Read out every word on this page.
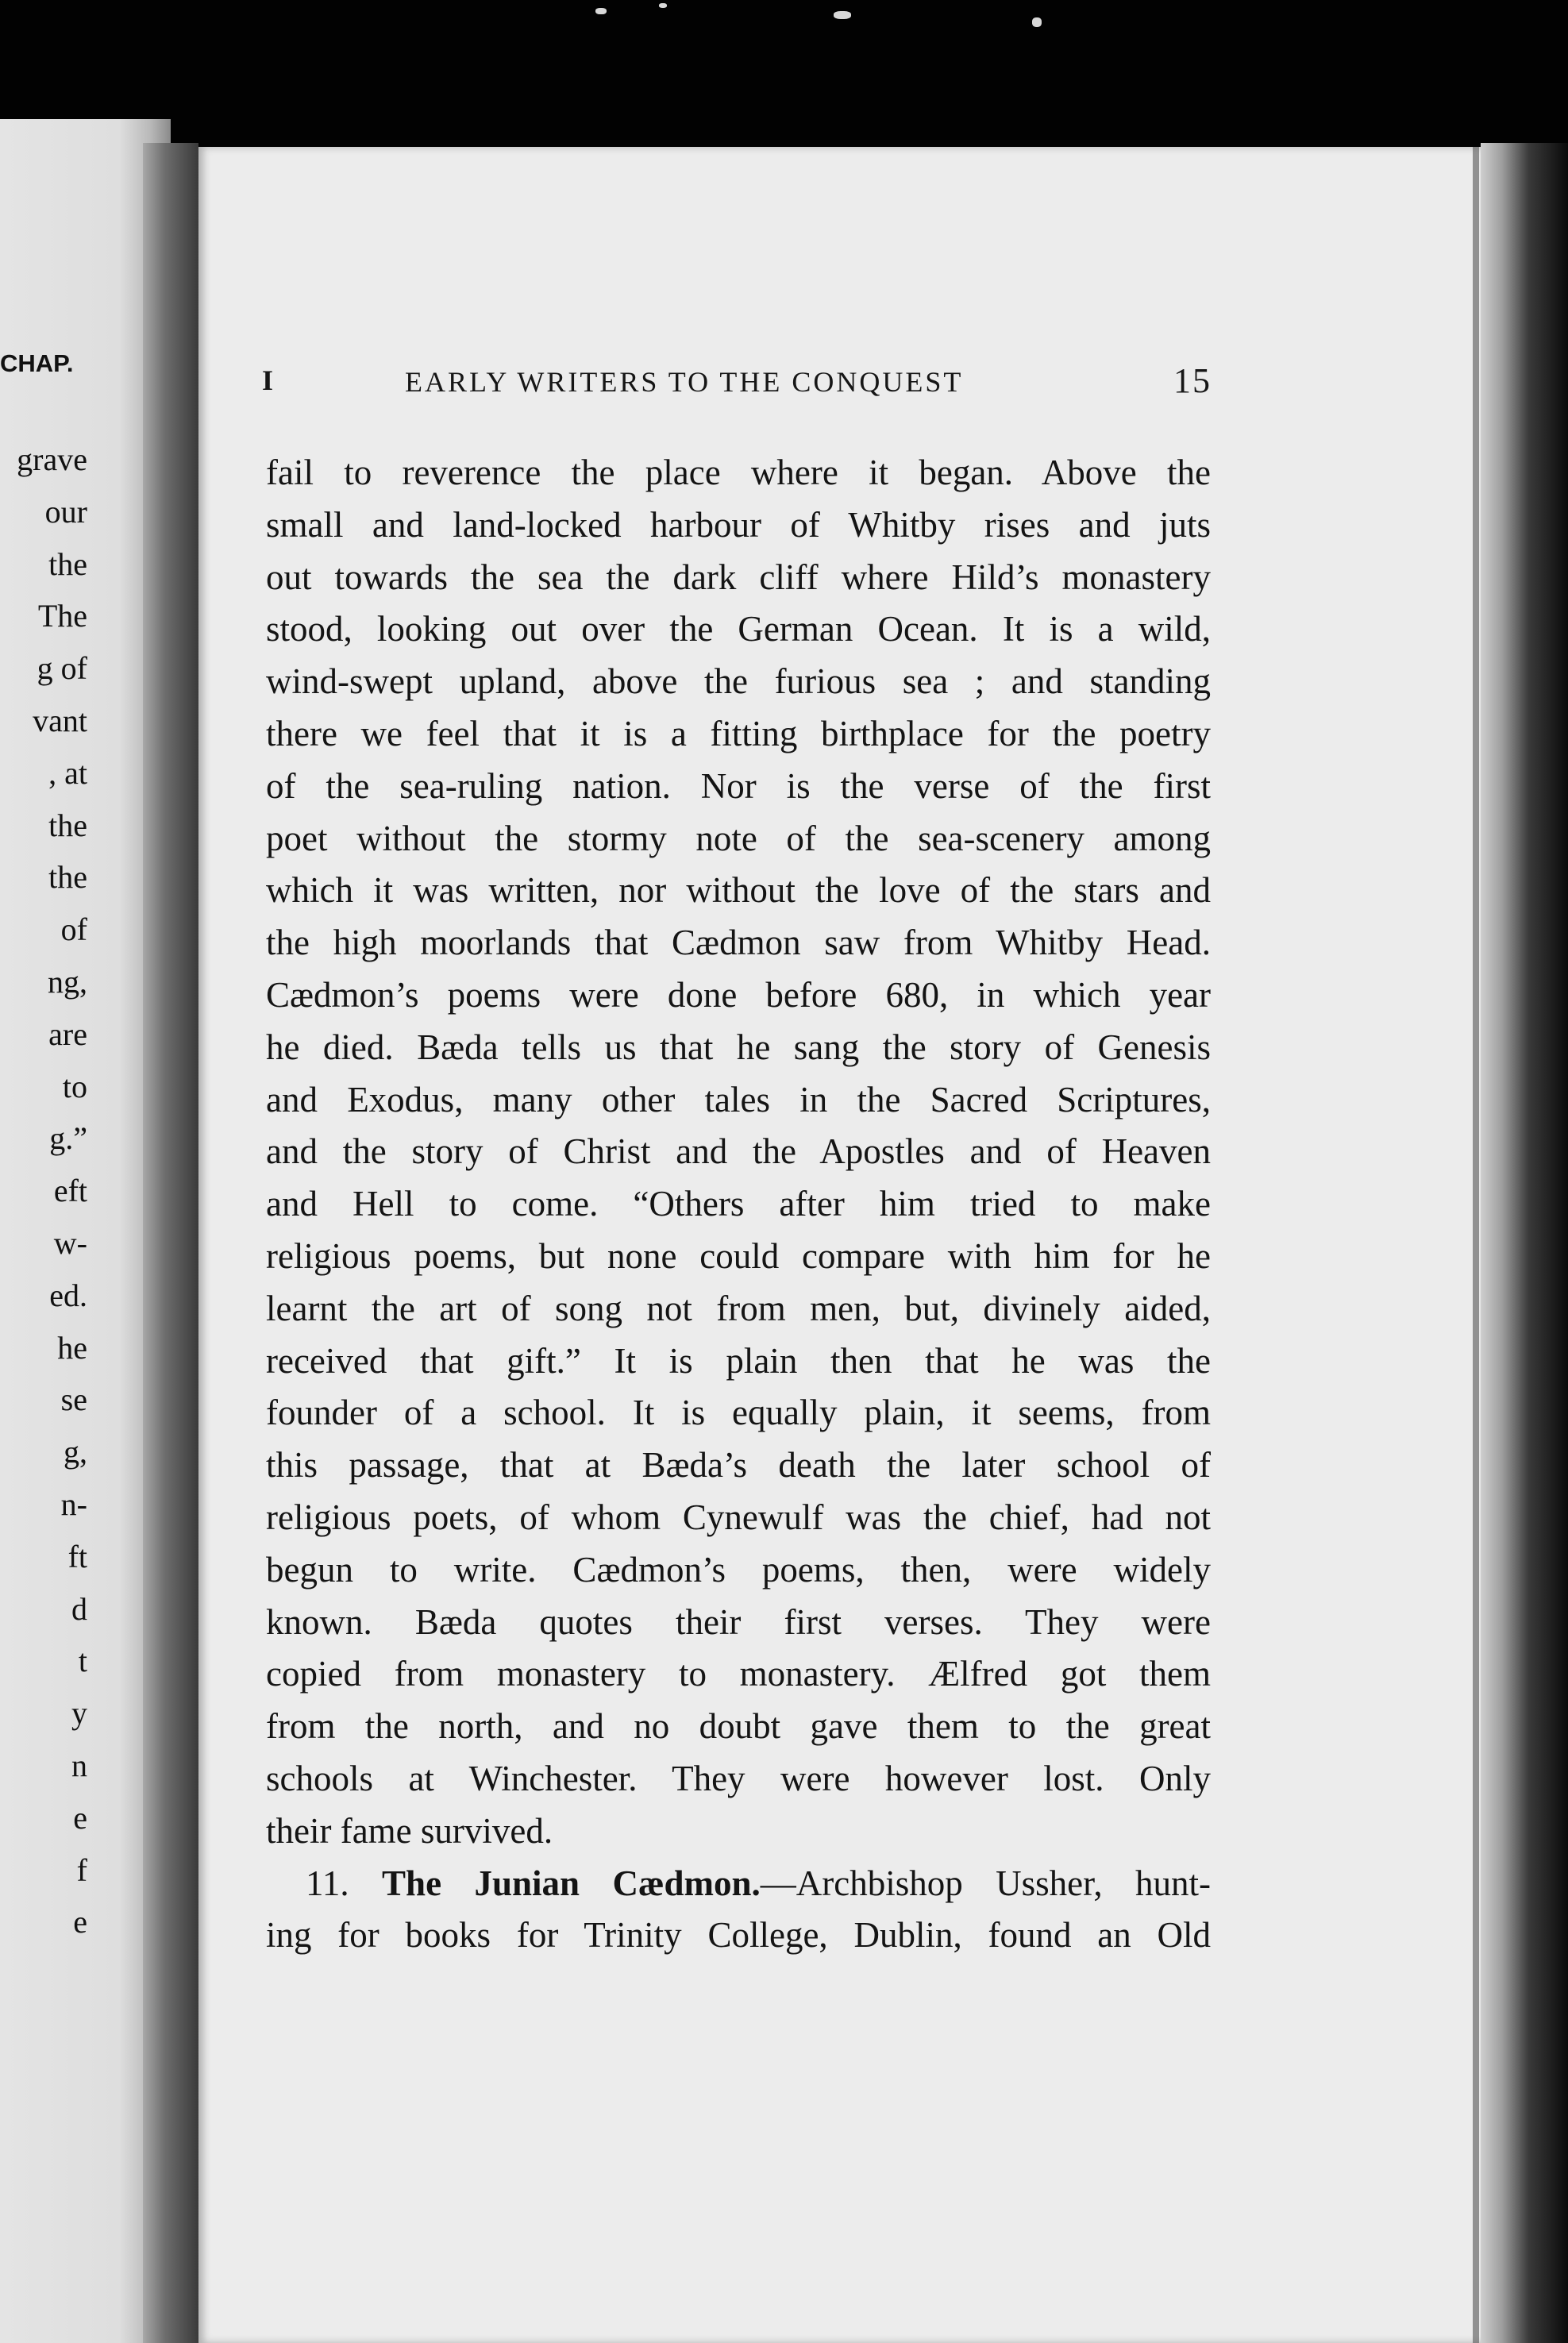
CHAP.
grave
our
the
The
g of
vant
, at
the
the
of
ng,
are
to
g.”
eft
w-
ed.
he
se
g,
n-
ft
d
t
y
n
e
f
e
I	EARLY WRITERS TO THE CONQUEST	15
fail to reverence the place where it began. Above the
small and land-locked harbour of Whitby rises and juts
out towards the sea the dark cliff where Hild’s monastery
stood, looking out over the German Ocean. It is a wild,
wind-swept upland, above the furious sea ; and standing
there we feel that it is a fitting birthplace for the poetry
of the sea-ruling nation. Nor is the verse of the first
poet without the stormy note of the sea-scenery among
which it was written, nor without the love of the stars and
the high moorlands that Cædmon saw from Whitby Head.
Cædmon’s poems were done before 680, in which year
he died. Bæda tells us that he sang the story of Genesis
and Exodus, many other tales in the Sacred Scriptures,
and the story of Christ and the Apostles and of Heaven
and Hell to come. “Others after him tried to make
religious poems, but none could compare with him for he
learnt the art of song not from men, but, divinely aided,
received that gift.” It is plain then that he was the
founder of a school. It is equally plain, it seems, from
this passage, that at Bæda’s death the later school of
religious poets, of whom Cynewulf was the chief, had not
begun to write. Cædmon’s poems, then, were widely
known. Bæda quotes their first verses. They were
copied from monastery to monastery. Ælfred got them
from the north, and no doubt gave them to the great
schools at Winchester. They were however lost. Only
their fame survived.
11. The Junian Cædmon.—Archbishop Ussher, hunt-
ing for books for Trinity College, Dublin, found an Old
